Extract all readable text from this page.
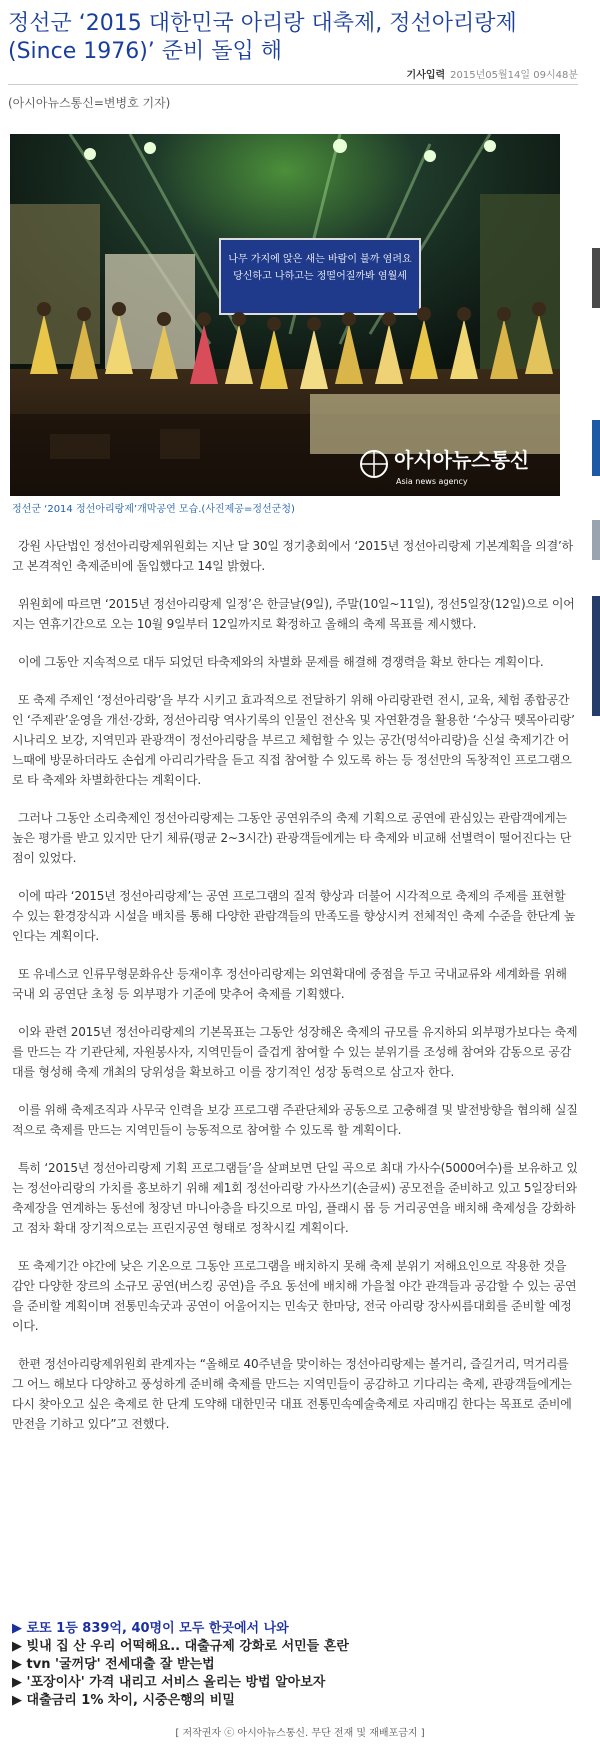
정선군 ‘2015 대한민국 아리랑 대축제, 정선아리랑제 (Since 1976)’ 준비 돌입 해
기사입력 2015년05월14일 09시48분
(아시아뉴스통신=변병호 기자)
나무 가지에 앉은 새는 바람이 불까 염려요
당신하고 나하고는 정떨어질까봐 염월세
아시아뉴스통신
Asia news agency
정선군 ‘2014 정선아리랑제’개막공연 모습.(사진제공=정선군청)

강원 사단법인 정선아리랑제위원회는 지난 달 30일 정기총회에서 ‘2015년 정선아리랑제 기본계획을 의결’하고 본격적인 축제준비에 돌입했다고 14일 밝혔다.

위원회에 따르면 ‘2015년 정선아리랑제 일정’은 한글날(9일), 주말(10일~11일), 정선5일장(12일)으로 이어지는 연휴기간으로 오는 10월 9일부터 12일까지로 확정하고 올해의 축제 목표를 제시했다.

이에 그동안 지속적으로 대두 되었던 타축제와의 차별화 문제를 해결해 경쟁력을 확보 한다는 계획이다.

또 축제 주제인 ‘정선아리랑’을 부각 시키고 효과적으로 전달하기 위해 아리랑관련 전시, 교육, 체험 종합공간인 ‘주제관’운영을 개선·강화, 정선아리랑 역사기록의 인물인 전산옥 및 자연환경을 활용한 ‘수상극 뗏목아리랑’ 시나리오 보강, 지역민과 관광객이 정선아리랑을 부르고 체험할 수 있는 공간(멍석아리랑)을 신설 축제기간 어느때에 방문하더라도 손쉽게 아리리가락을 듣고 직접 참여할 수 있도록 하는 등 정선만의 독창적인 프로그램으로 타 축제와 차별화한다는 계획이다.

그러나 그동안 소리축제인 정선아리랑제는 그동안 공연위주의 축제 기획으로 공연에 관심있는 관람객에게는 높은 평가를 받고 있지만 단기 체류(평균 2~3시간) 관광객들에게는 타 축제와 비교해 선별력이 떨어진다는 단점이 있었다.

이에 따라 ‘2015년 정선아리랑제’는 공연 프로그램의 질적 향상과 더불어 시각적으로 축제의 주제를 표현할 수 있는 환경장식과 시설을 배치를 통해 다양한 관람객들의 만족도를 향상시켜 전체적인 축제 수준을 한단계 높인다는 계획이다.

또 유네스코 인류무형문화유산 등재이후 정선아리랑제는 외연확대에 중점을 두고 국내교류와 세계화를 위해 국내 외 공연단 초청 등 외부평가 기준에 맞추어 축제를 기획했다.

이와 관련 2015년 정선아리랑제의 기본목표는 그동안 성장해온 축제의 규모를 유지하되 외부평가보다는 축제를 만드는 각 기관단체, 자원봉사자, 지역민들이 즐겁게 참여할 수 있는 분위기를 조성해 참여와 감동으로 공감대를 형성해 축제 개최의 당위성을 확보하고 이를 장기적인 성장 동력으로 삼고자 한다.

이를 위해 축제조직과 사무국 인력을 보강 프로그램 주관단체와 공동으로 고충해결 및 발전방향을 협의해 실질적으로 축제를 만드는 지역민들이 능동적으로 참여할 수 있도록 할 계획이다.

특히 ‘2015년 정선아리랑제 기획 프로그램들’을 살펴보면 단일 곡으로 최대 가사수(5000여수)를 보유하고 있는 정선아리랑의 가치를 홍보하기 위해 제1회 정선아리랑 가사쓰기(손글씨) 공모전을 준비하고 있고 5일장터와 축제장을 연계하는 동선에 청장년 마니아층을 타깃으로 마임, 플래시 몹 등 거리공연을 배치해 축제성을 강화하고 점차 확대 장기적으로는 프린지공연 형태로 정착시킬 계획이다.

또 축제기간 야간에 낮은 기온으로 그동안 프로그램을 배치하지 못해 축제 분위기 저해요인으로 작용한 것을 감안 다양한 장르의 소규모 공연(버스킹 공연)을 주요 동선에 배치해 가을철 야간 관객들과 공감할 수 있는 공연을 준비할 계획이며 전통민속굿과 공연이 어울어지는 민속굿 한마당, 전국 아리랑 장사씨름대회를 준비할 예정이다.

한편 정선아리랑제위원회 관계자는 “올해로 40주년을 맞이하는 정선아리랑제는 볼거리, 즐길거리, 먹거리를 그 어느 해보다 다양하고 풍성하게 준비해 축제를 만드는 지역민들이 공감하고 기다리는 축제, 관광객들에게는 다시 찾아오고 싶은 축제로 한 단계 도약해 대한민국 대표 전통민속예술축제로 자리매김 한다는 목표로 준비에 만전을 기하고 있다”고 전했다.

▶ 로또 1등 839억, 40명이 모두 한곳에서 나와
▶ 빚내 집 산 우리 어떡해요.. 대출규제 강화로 서민들 혼란
▶ tvn '굴꺼당' 전세대출 잘 받는법
▶ '포장이사' 가격 내리고 서비스 올리는 방법 알아보자
▶ 대출금리 1% 차이, 시중은행의 비밀
[ 저작권자 ⓒ 아시아뉴스통신. 무단 전재 및 재배포금지 ]
